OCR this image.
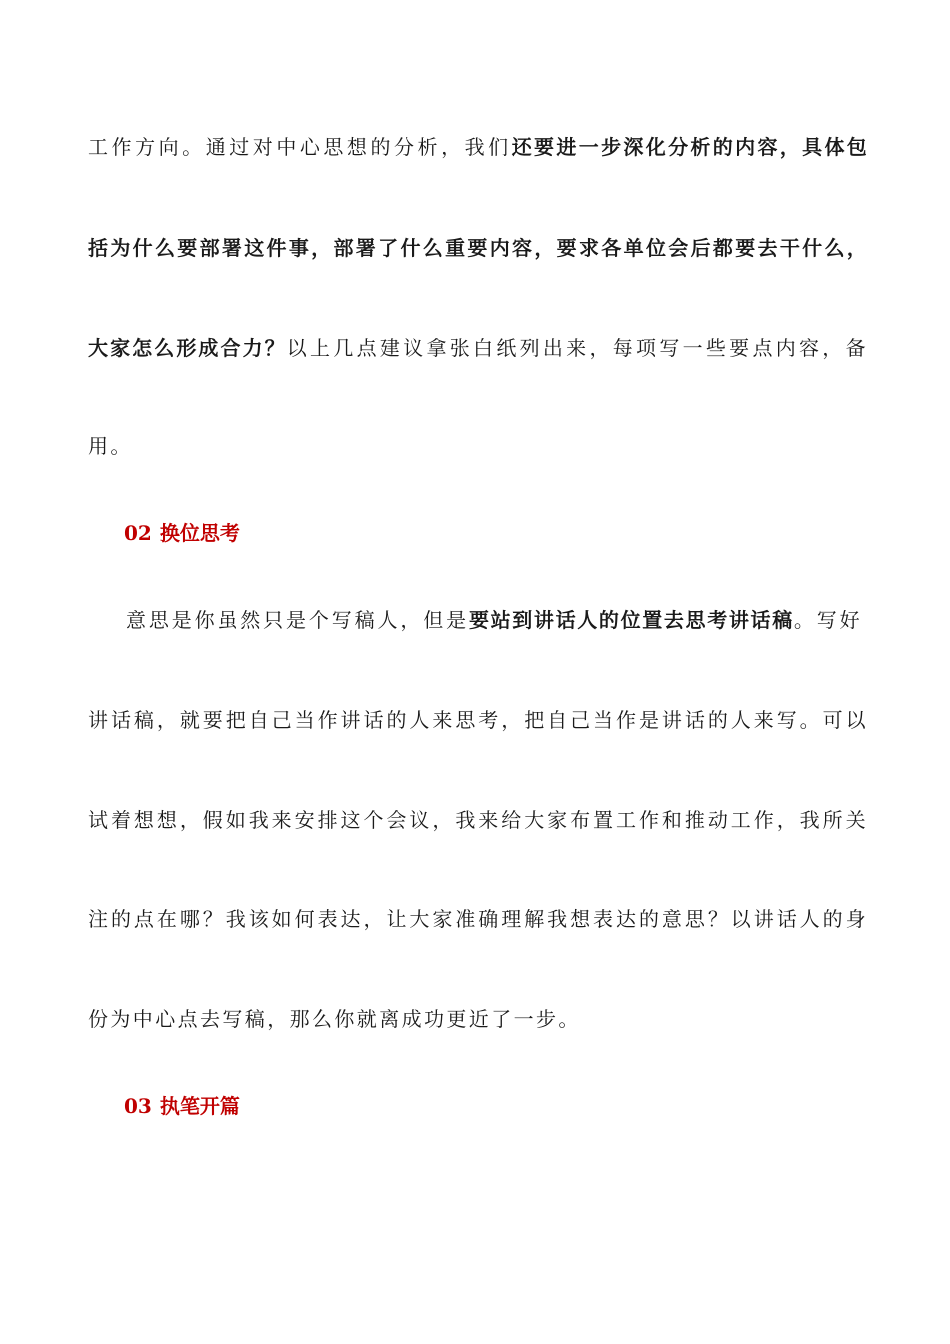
工作方向。通过对中心思想的分析，我们还要进一步深化分析的内容，具体包
括为什么要部署这件事，部署了什么重要内容，要求各单位会后都要去干什么，
大家怎么形成合力？以上几点建议拿张白纸列出来，每项写一些要点内容，备
用。
02 换位思考
意思是你虽然只是个写稿人，但是要站到讲话人的位置去思考讲话稿。写好
讲话稿，就要把自己当作讲话的人来思考，把自己当作是讲话的人来写。可以
试着想想，假如我来安排这个会议，我来给大家布置工作和推动工作，我所关
注的点在哪？我该如何表达，让大家准确理解我想表达的意思？以讲话人的身
份为中心点去写稿，那么你就离成功更近了一步。
03 执笔开篇
